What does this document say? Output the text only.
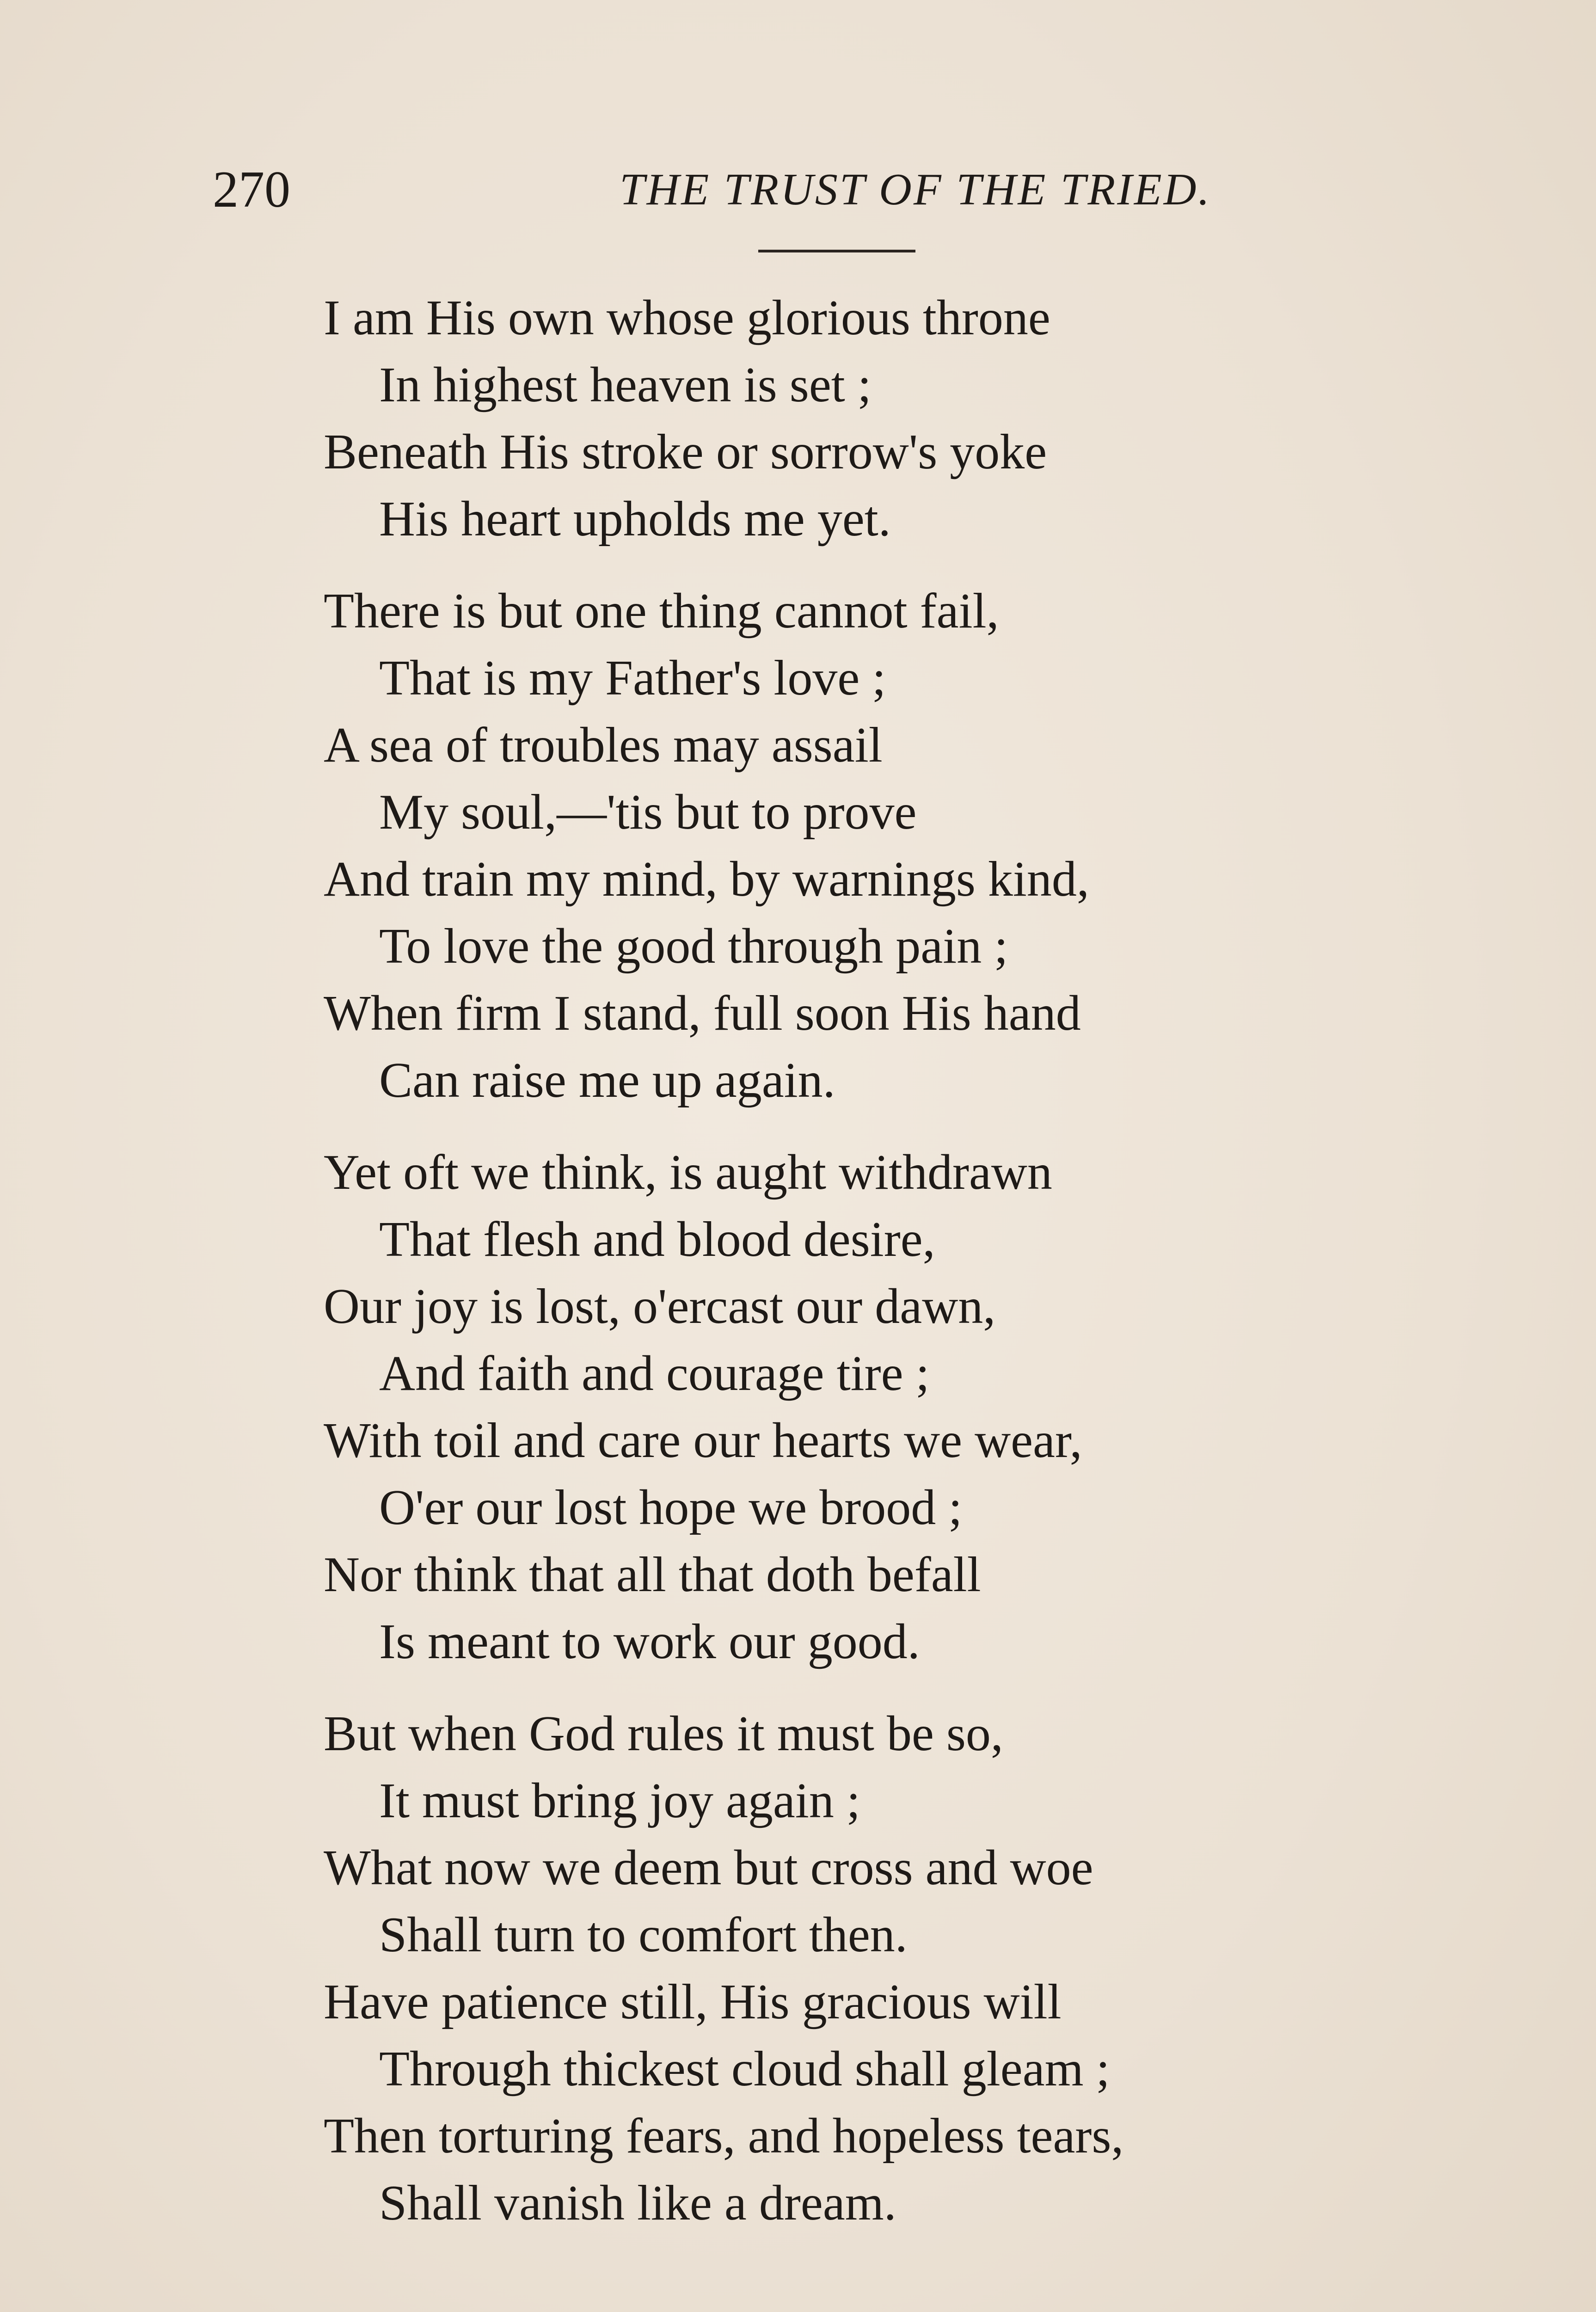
270	THE TRUST OF THE TRIED.
I am His own whose glorious throne
In highest heaven is set ;
Beneath His stroke or sorrow's yoke
His heart upholds me yet.
There is but one thing cannot fail,
That is my Father's love ;
A sea of troubles may assail
My soul,—'tis but to prove
And train my mind, by warnings kind,
To love the good through pain ;
When firm I stand, full soon His hand
Can raise me up again.
Yet oft we think, is aught withdrawn
That flesh and blood desire,
Our joy is lost, o'ercast our dawn,
And faith and courage tire ;
With toil and care our hearts we wear,
O'er our lost hope we brood ;
Nor think that all that doth befall
Is meant to work our good.
But when God rules it must be so,
It must bring joy again ;
What now we deem but cross and woe
Shall turn to comfort then.
Have patience still, His gracious will
Through thickest cloud shall gleam ;
Then torturing fears, and hopeless tears,
Shall vanish like a dream.
